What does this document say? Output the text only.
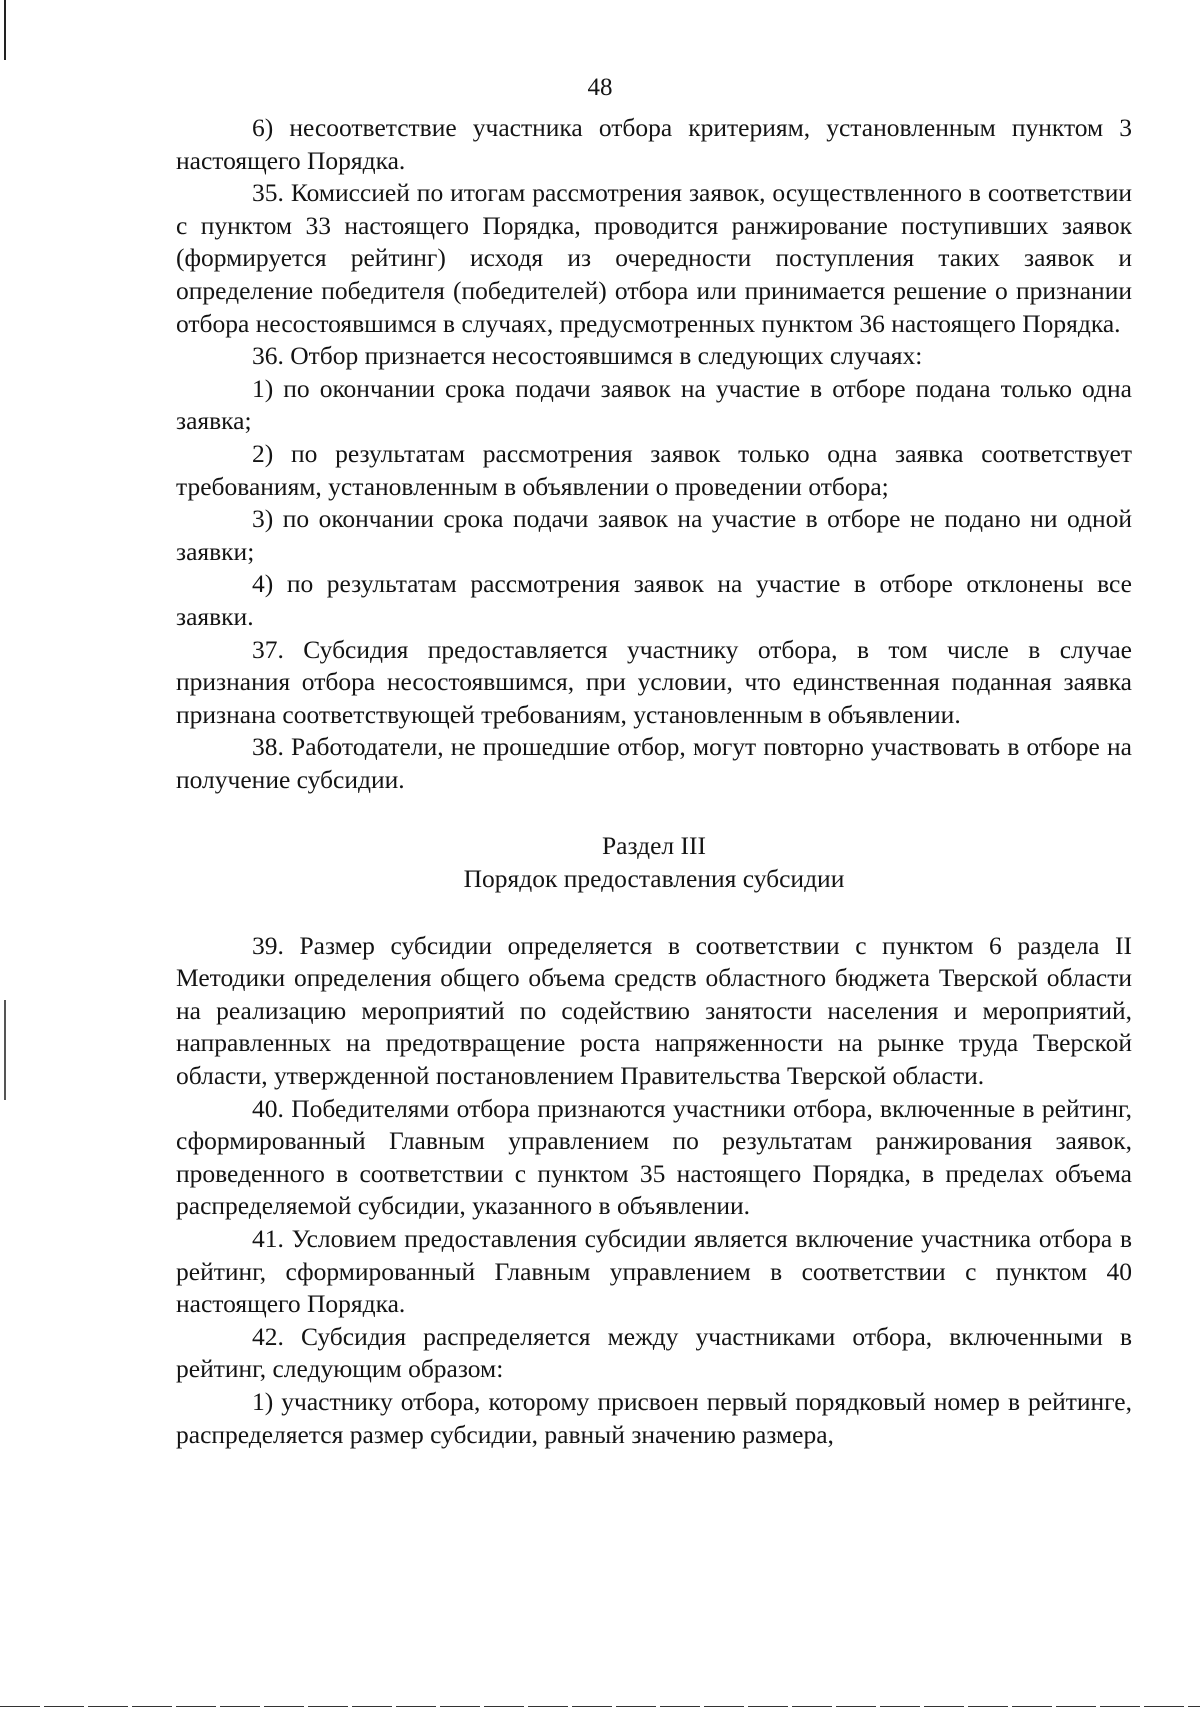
48

6) несоответствие участника отбора критериям, установленным пунктом 3 настоящего Порядка.

35. Комиссией по итогам рассмотрения заявок, осуществленного в соответствии с пунктом 33 настоящего Порядка, проводится ранжирование поступивших заявок (формируется рейтинг) исходя из очередности поступления таких заявок и определение победителя (победителей) отбора или принимается решение о признании отбора несостоявшимся в случаях, предусмотренных пунктом 36 настоящего Порядка.

36. Отбор признается несостоявшимся в следующих случаях:

1) по окончании срока подачи заявок на участие в отборе подана только одна заявка;

2) по результатам рассмотрения заявок только одна заявка соответствует требованиям, установленным в объявлении о проведении отбора;

3) по окончании срока подачи заявок на участие в отборе не подано ни одной заявки;

4) по результатам рассмотрения заявок на участие в отборе отклонены все заявки.

37. Субсидия предоставляется участнику отбора, в том числе в случае признания отбора несостоявшимся, при условии, что единственная поданная заявка признана соответствующей требованиям, установленным в объявлении.

38. Работодатели, не прошедшие отбор, могут повторно участвовать в отборе на получение субсидии.

Раздел III

Порядок предоставления субсидии

39. Размер субсидии определяется в соответствии с пунктом 6 раздела II Методики определения общего объема средств областного бюджета Тверской области на реализацию мероприятий по содействию занятости населения и мероприятий, направленных на предотвращение роста напряженности на рынке труда Тверской области, утвержденной постановлением Правительства Тверской области.

40. Победителями отбора признаются участники отбора, включенные в рейтинг, сформированный Главным управлением по результатам ранжирования заявок, проведенного в соответствии с пунктом 35 настоящего Порядка, в пределах объема распределяемой субсидии, указанного в объявлении.

41. Условием предоставления субсидии является включение участника отбора в рейтинг, сформированный Главным управлением в соответствии с пунктом 40 настоящего Порядка.

42. Субсидия распределяется между участниками отбора, включенными в рейтинг, следующим образом:

1) участнику отбора, которому присвоен первый порядковый номер в рейтинге, распределяется размер субсидии, равный значению размера,
